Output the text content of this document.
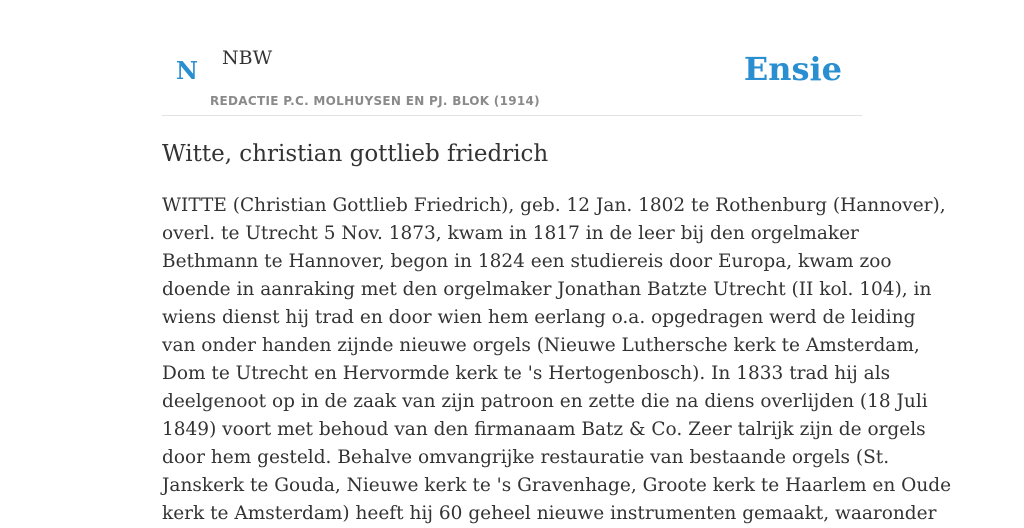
N NBW
REDACTIE P.C. MOLHUYSEN EN PJ. BLOK (1914)
Ensie
Witte, christian gottlieb friedrich
WITTE (Christian Gottlieb Friedrich), geb. 12 Jan. 1802 te Rothenburg (Hannover),
overl. te Utrecht 5 Nov. 1873, kwam in 1817 in de leer bij den orgelmaker
Bethmann te Hannover, begon in 1824 een studiereis door Europa, kwam zoo
doende in aanraking met den orgelmaker Jonathan Batzte Utrecht (II kol. 104), in
wiens dienst hij trad en door wien hem eerlang o.a. opgedragen werd de leiding
van onder handen zijnde nieuwe orgels (Nieuwe Luthersche kerk te Amsterdam,
Dom te Utrecht en Hervormde kerk te 's Hertogenbosch). In 1833 trad hij als
deelgenoot op in de zaak van zijn patroon en zette die na diens overlijden (18 Juli
1849) voort met behoud van den firmanaam Batz & Co. Zeer talrijk zijn de orgels
door hem gesteld. Behalve omvangrijke restauratie van bestaande orgels (St.
Janskerk te Gouda, Nieuwe kerk te 's Gravenhage, Groote kerk te Haarlem en Oude
kerk te Amsterdam) heeft hij 60 geheel nieuwe instrumenten gemaakt, waaronder
